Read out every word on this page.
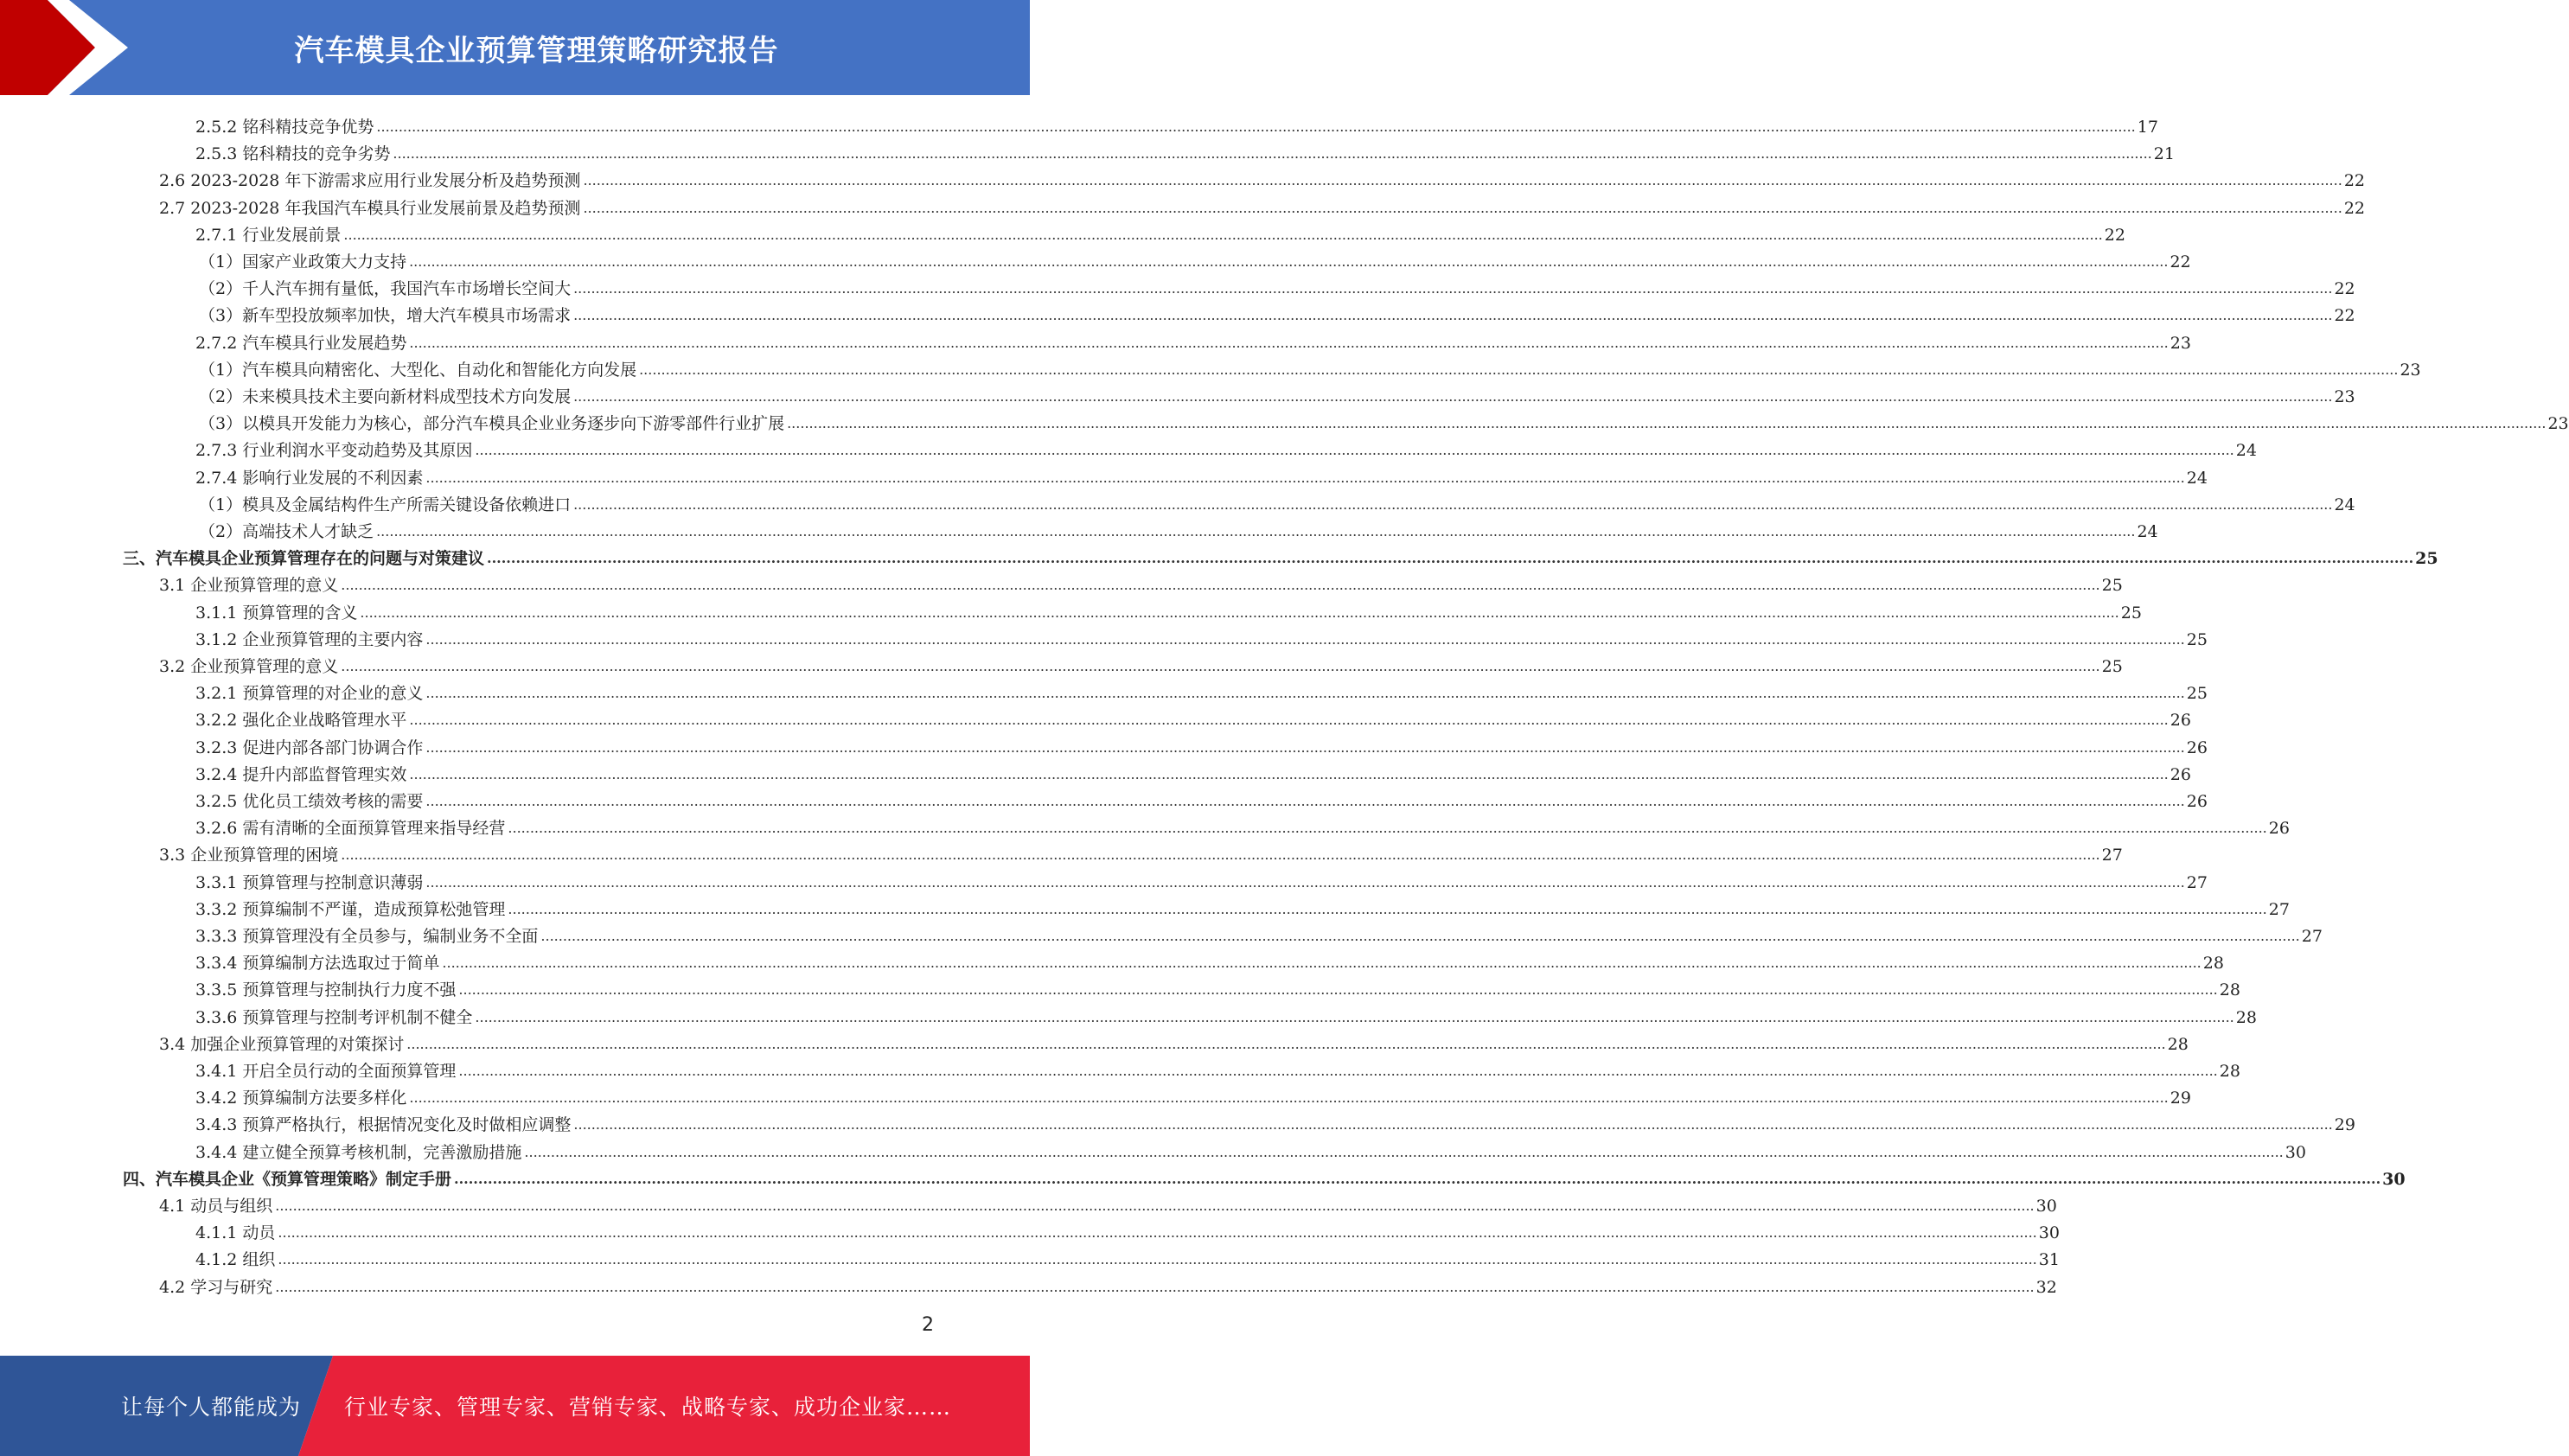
汽车模具企业预算管理策略研究报告
2.5.2 铭科精技竞争优势 ................................................................................................................................................................................................................................................................................................................................................................................................................ 17
2.5.3 铭科精技的竞争劣势 ................................................................................................................................................................................................................................................................................................................................................................................................................ 21
2.6 2023-2028 年下游需求应用行业发展分析及趋势预测 ................................................................................................................................................................................................................................................................................................................................................................................................................ 22
2.7 2023-2028 年我国汽车模具行业发展前景及趋势预测 ................................................................................................................................................................................................................................................................................................................................................................................................................ 22
2.7.1 行业发展前景 ................................................................................................................................................................................................................................................................................................................................................................................................................ 22
（1）国家产业政策大力支持 ................................................................................................................................................................................................................................................................................................................................................................................................................ 22
（2）千人汽车拥有量低，我国汽车市场增长空间大 ................................................................................................................................................................................................................................................................................................................................................................................................................ 22
（3）新车型投放频率加快，增大汽车模具市场需求 ................................................................................................................................................................................................................................................................................................................................................................................................................ 22
2.7.2 汽车模具行业发展趋势 ................................................................................................................................................................................................................................................................................................................................................................................................................ 23
（1）汽车模具向精密化、大型化、自动化和智能化方向发展 ................................................................................................................................................................................................................................................................................................................................................................................................................ 23
（2）未来模具技术主要向新材料成型技术方向发展 ................................................................................................................................................................................................................................................................................................................................................................................................................ 23
（3）以模具开发能力为核心，部分汽车模具企业业务逐步向下游零部件行业扩展 ................................................................................................................................................................................................................................................................................................................................................................................................................ 23
2.7.3 行业利润水平变动趋势及其原因 ................................................................................................................................................................................................................................................................................................................................................................................................................ 24
2.7.4 影响行业发展的不利因素 ................................................................................................................................................................................................................................................................................................................................................................................................................ 24
（1）模具及金属结构件生产所需关键设备依赖进口 ................................................................................................................................................................................................................................................................................................................................................................................................................ 24
（2）高端技术人才缺乏 ................................................................................................................................................................................................................................................................................................................................................................................................................ 24
三、汽车模具企业预算管理存在的问题与对策建议 ................................................................................................................................................................................................................................................................................................................................................................................................................ 25
3.1 企业预算管理的意义 ................................................................................................................................................................................................................................................................................................................................................................................................................ 25
3.1.1 预算管理的含义 ................................................................................................................................................................................................................................................................................................................................................................................................................ 25
3.1.2 企业预算管理的主要内容 ................................................................................................................................................................................................................................................................................................................................................................................................................ 25
3.2 企业预算管理的意义 ................................................................................................................................................................................................................................................................................................................................................................................................................ 25
3.2.1 预算管理的对企业的意义 ................................................................................................................................................................................................................................................................................................................................................................................................................ 25
3.2.2 强化企业战略管理水平 ................................................................................................................................................................................................................................................................................................................................................................................................................ 26
3.2.3 促进内部各部门协调合作 ................................................................................................................................................................................................................................................................................................................................................................................................................ 26
3.2.4 提升内部监督管理实效 ................................................................................................................................................................................................................................................................................................................................................................................................................ 26
3.2.5 优化员工绩效考核的需要 ................................................................................................................................................................................................................................................................................................................................................................................................................ 26
3.2.6 需有清晰的全面预算管理来指导经营 ................................................................................................................................................................................................................................................................................................................................................................................................................ 26
3.3 企业预算管理的困境 ................................................................................................................................................................................................................................................................................................................................................................................................................ 27
3.3.1 预算管理与控制意识薄弱 ................................................................................................................................................................................................................................................................................................................................................................................................................ 27
3.3.2 预算编制不严谨，造成预算松弛管理 ................................................................................................................................................................................................................................................................................................................................................................................................................ 27
3.3.3 预算管理没有全员参与，编制业务不全面 ................................................................................................................................................................................................................................................................................................................................................................................................................ 27
3.3.4 预算编制方法选取过于简单 ................................................................................................................................................................................................................................................................................................................................................................................................................ 28
3.3.5 预算管理与控制执行力度不强 ................................................................................................................................................................................................................................................................................................................................................................................................................ 28
3.3.6 预算管理与控制考评机制不健全 ................................................................................................................................................................................................................................................................................................................................................................................................................ 28
3.4 加强企业预算管理的对策探讨 ................................................................................................................................................................................................................................................................................................................................................................................................................ 28
3.4.1 开启全员行动的全面预算管理 ................................................................................................................................................................................................................................................................................................................................................................................................................ 28
3.4.2 预算编制方法要多样化 ................................................................................................................................................................................................................................................................................................................................................................................................................ 29
3.4.3 预算严格执行，根据情况变化及时做相应调整 ................................................................................................................................................................................................................................................................................................................................................................................................................ 29
3.4.4 建立健全预算考核机制，完善激励措施 ................................................................................................................................................................................................................................................................................................................................................................................................................ 30
四、汽车模具企业《预算管理策略》制定手册 ................................................................................................................................................................................................................................................................................................................................................................................................................ 30
4.1 动员与组织 ................................................................................................................................................................................................................................................................................................................................................................................................................ 30
4.1.1 动员 ................................................................................................................................................................................................................................................................................................................................................................................................................ 30
4.1.2 组织 ................................................................................................................................................................................................................................................................................................................................................................................................................ 31
4.2 学习与研究 ................................................................................................................................................................................................................................................................................................................................................................................................................ 32
2
让每个人都能成为 行业专家、管理专家、营销专家、战略专家、成功企业家……
